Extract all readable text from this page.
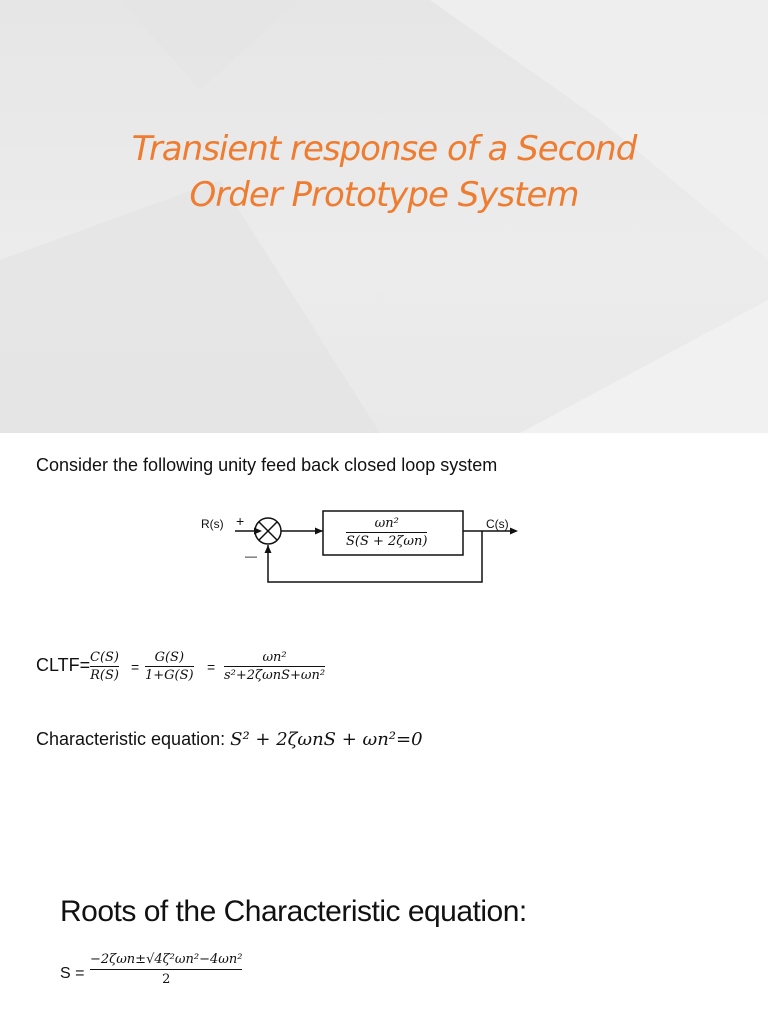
Transient response of a Second
Order Prototype System
Consider the following unity feed back closed loop system
R(s) +
—
C(s)
ωn²
S(S + 2ζωn)
CLTF= C(S)
R(S)
=
G(S)
1+G(S)
=
ωn²
s²+2ζωnS+ωn²
Characteristic equation: S² + 2ζωnS + ωn²=0
Roots of the Characteristic equation:
S =
−2ζωn±√4ζ²ωn²−4ωn²
2
